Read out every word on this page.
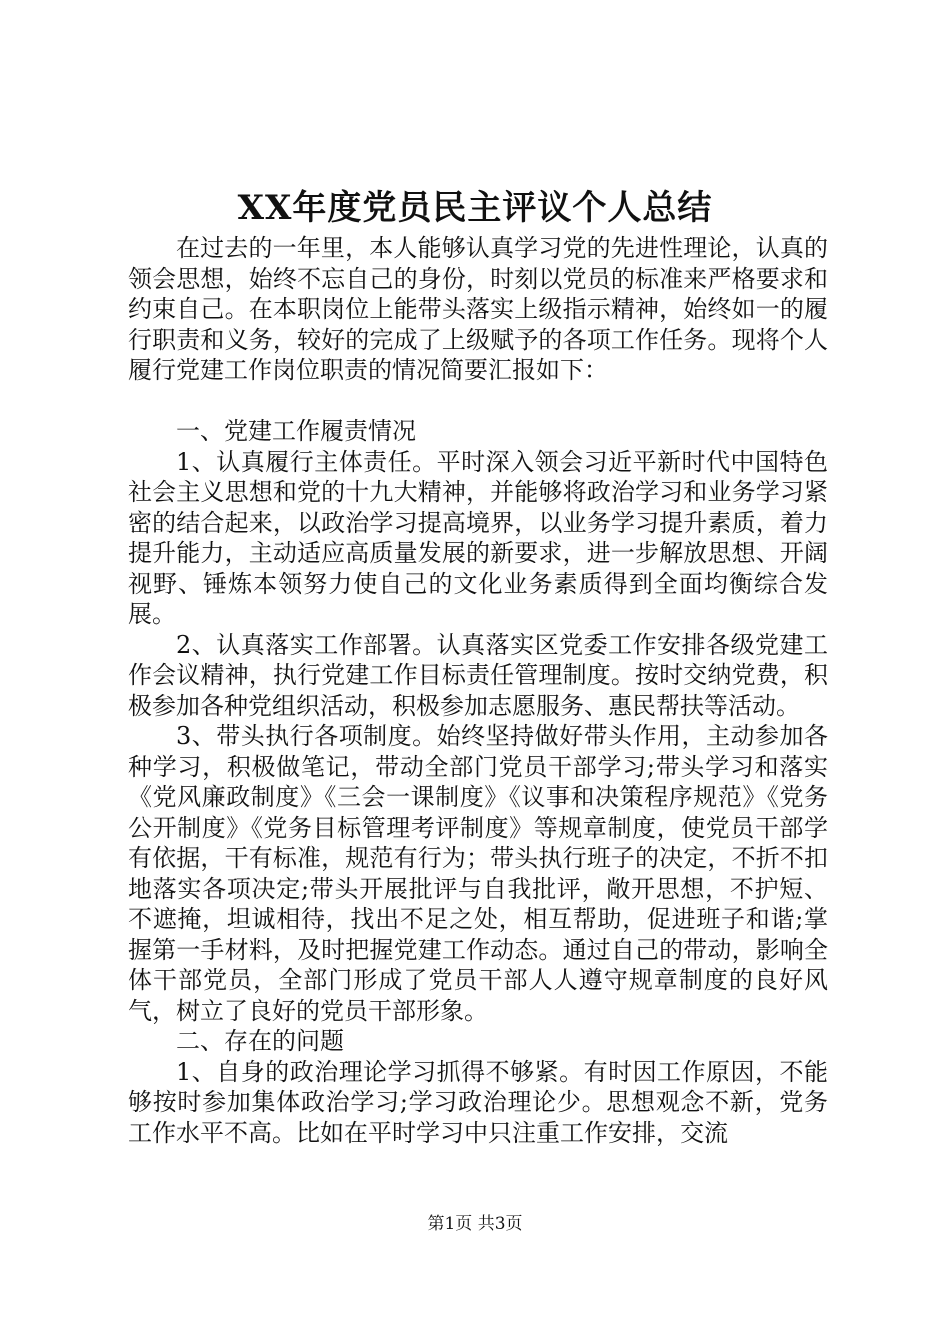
XX年度党员民主评议个人总结

在过去的一年里，本人能够认真学习党的先进性理论，认真的领会思想，始终不忘自己的身份，时刻以党员的标准来严格要求和约束自己。在本职岗位上能带头落实上级指示精神，始终如一的履行职责和义务，较好的完成了上级赋予的各项工作任务。现将个人履行党建工作岗位职责的情况简要汇报如下：

一、党建工作履责情况

1、认真履行主体责任。平时深入领会习近平新时代中国特色社会主义思想和党的十九大精神，并能够将政治学习和业务学习紧密的结合起来，以政治学习提高境界，以业务学习提升素质，着力提升能力，主动适应高质量发展的新要求，进一步解放思想、开阔视野、锤炼本领努力使自己的文化业务素质得到全面均衡综合发展。

2、认真落实工作部署。认真落实区党委工作安排各级党建工作会议精神，执行党建工作目标责任管理制度。按时交纳党费，积极参加各种党组织活动，积极参加志愿服务、惠民帮扶等活动。

3、带头执行各项制度。始终坚持做好带头作用，主动参加各种学习，积极做笔记，带动全部门党员干部学习;带头学习和落实《党风廉政制度》《三会一课制度》《议事和决策程序规范》《党务公开制度》《党务目标管理考评制度》等规章制度，使党员干部学有依据，干有标准，规范有行为；带头执行班子的决定，不折不扣地落实各项决定;带头开展批评与自我批评，敞开思想，不护短、不遮掩，坦诚相待，找出不足之处，相互帮助，促进班子和谐;掌握第一手材料，及时把握党建工作动态。通过自己的带动，影响全体干部党员，全部门形成了党员干部人人遵守规章制度的良好风气，树立了良好的党员干部形象。

二、存在的问题

1、自身的政治理论学习抓得不够紧。有时因工作原因，不能够按时参加集体政治学习;学习政治理论少。思想观念不新，党务工作水平不高。比如在平时学习中只注重工作安排，交流

第1页 共3页
